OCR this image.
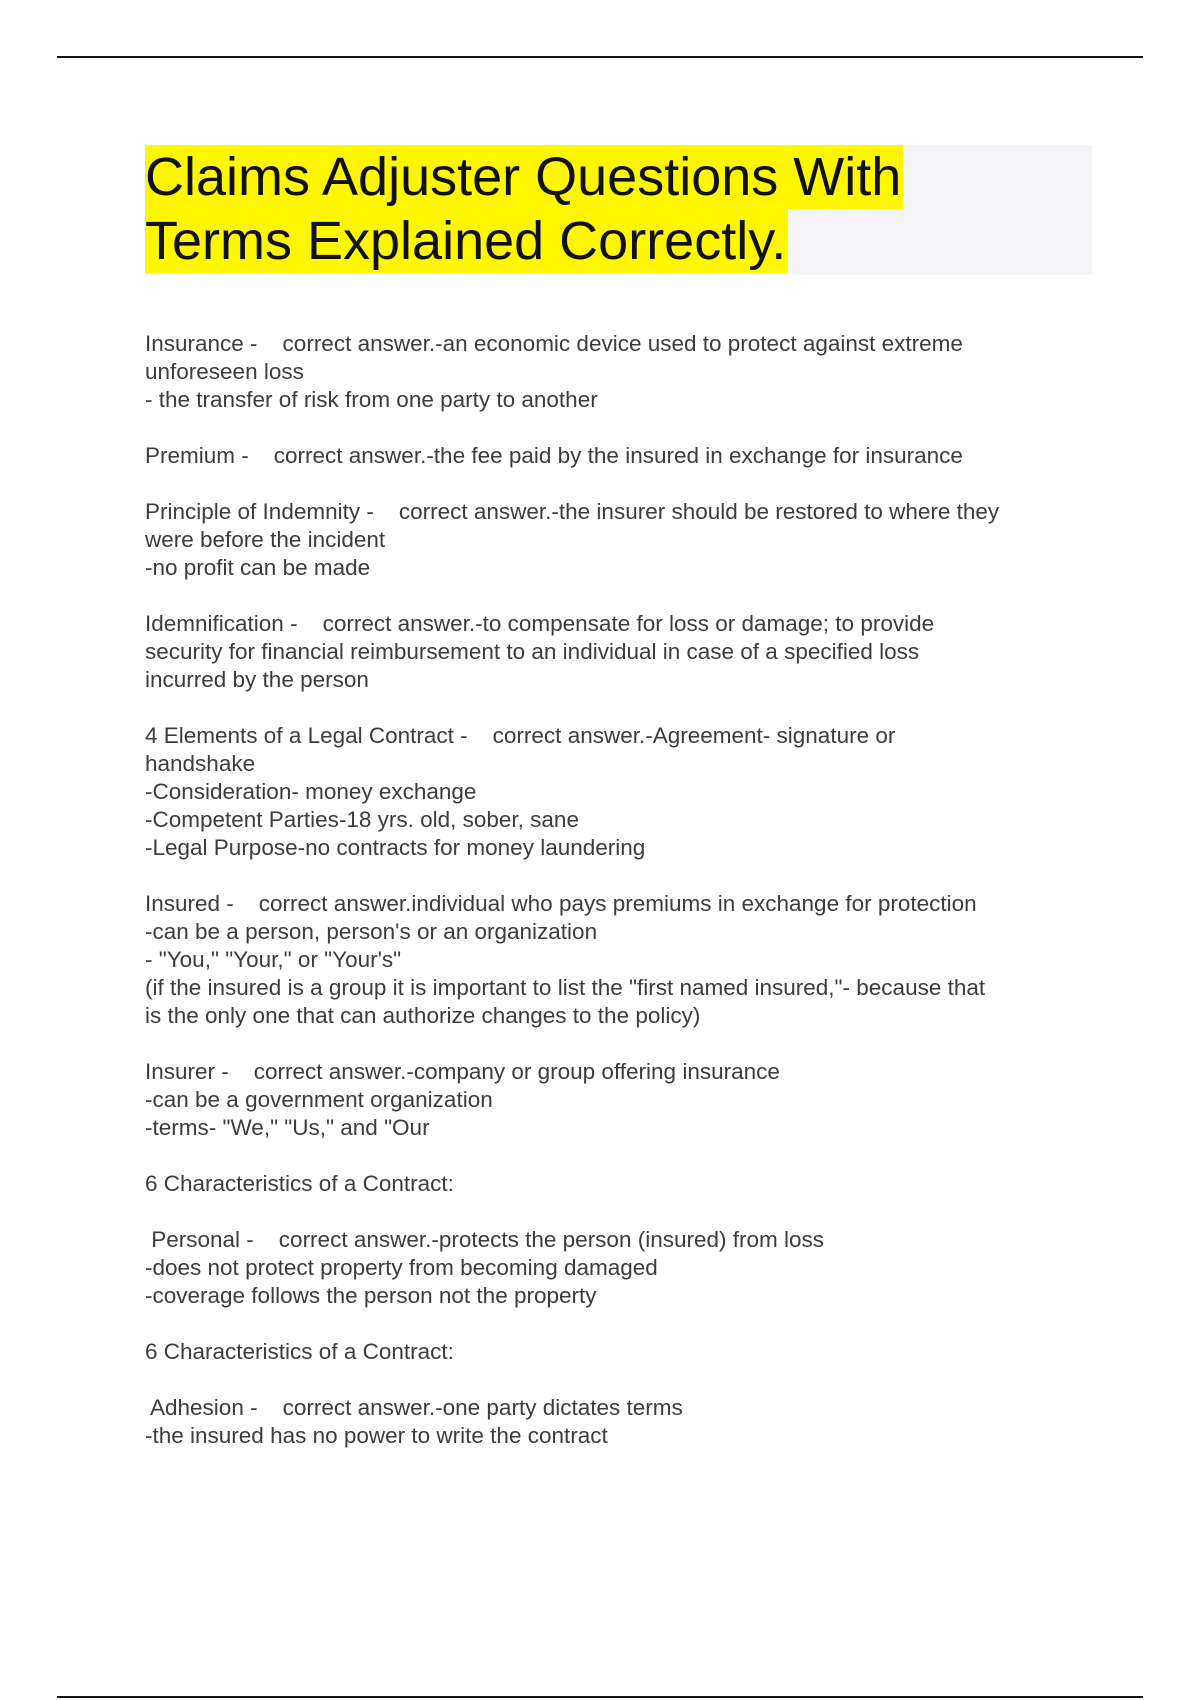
Claims Adjuster Questions With
Terms Explained Correctly.
Insurance -    correct answer.-an economic device used to protect against extreme
unforeseen loss
- the transfer of risk from one party to another
Premium -    correct answer.-the fee paid by the insured in exchange for insurance
Principle of Indemnity -    correct answer.-the insurer should be restored to where they
were before the incident
-no profit can be made
Idemnification -    correct answer.-to compensate for loss or damage; to provide
security for financial reimbursement to an individual in case of a specified loss
incurred by the person
4 Elements of a Legal Contract -    correct answer.-Agreement- signature or
handshake
-Consideration- money exchange
-Competent Parties-18 yrs. old, sober, sane
-Legal Purpose-no contracts for money laundering
Insured -    correct answer.individual who pays premiums in exchange for protection
-can be a person, person's or an organization
- "You," "Your," or "Your's"
(if the insured is a group it is important to list the "first named insured,"- because that
is the only one that can authorize changes to the policy)
Insurer -    correct answer.-company or group offering insurance
-can be a government organization
-terms- "We," "Us," and "Our
6 Characteristics of a Contract:
Personal -    correct answer.-protects the person (insured) from loss
-does not protect property from becoming damaged
-coverage follows the person not the property
6 Characteristics of a Contract:
Adhesion -    correct answer.-one party dictates terms
-the insured has no power to write the contract
